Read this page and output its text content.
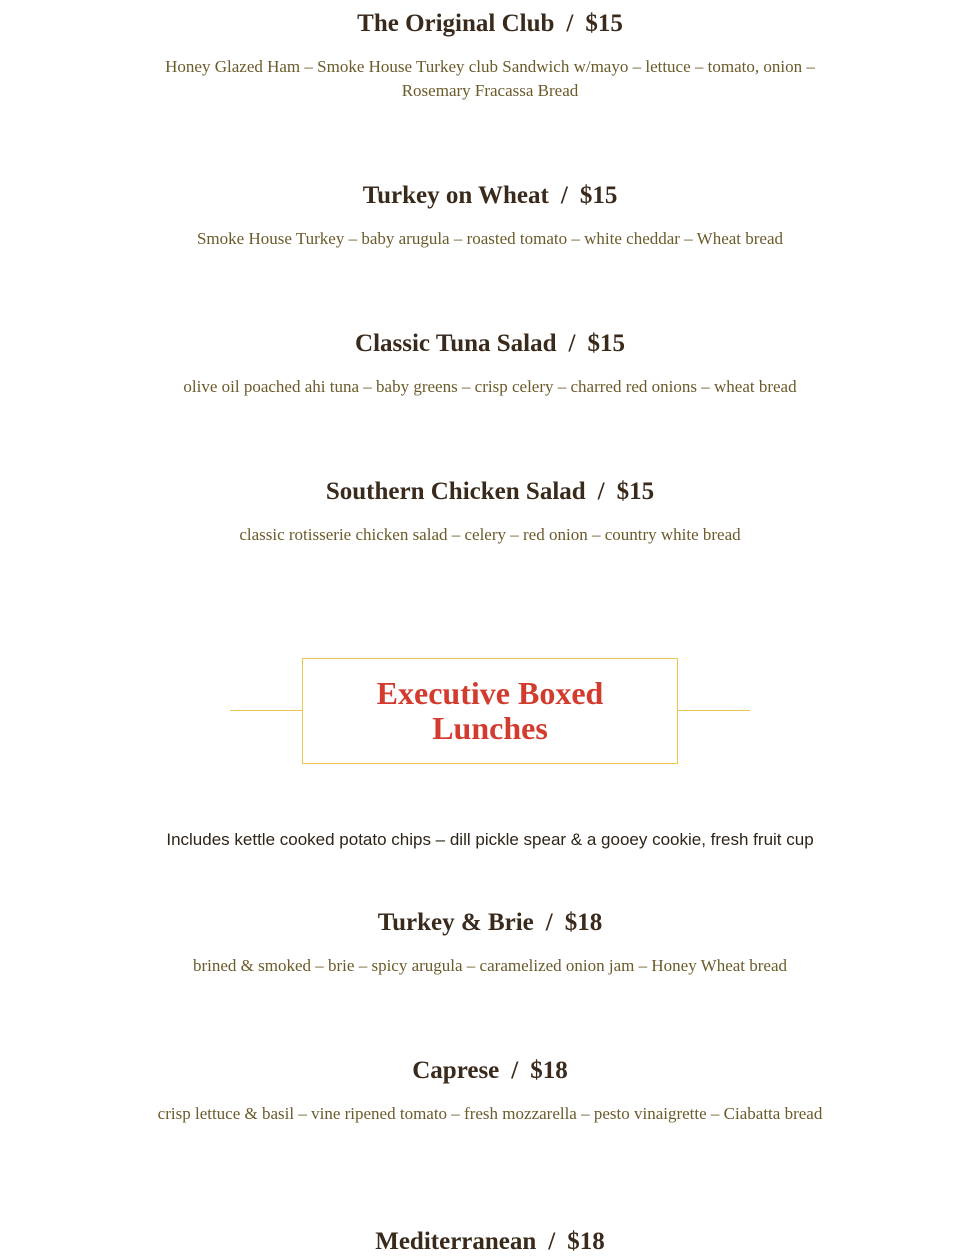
The Original Club / $15

Honey Glazed Ham – Smoke House Turkey club Sandwich w/mayo – lettuce – tomato, onion – Rosemary Fracassa Bread

Turkey on Wheat / $15

Smoke House Turkey – baby arugula – roasted tomato – white cheddar – Wheat bread

Classic Tuna Salad / $15

olive oil poached ahi tuna – baby greens – crisp celery – charred red onions – wheat bread

Southern Chicken Salad / $15

classic rotisserie chicken salad – celery – red onion – country white bread

Executive Boxed Lunches
Includes kettle cooked potato chips – dill pickle spear & a gooey cookie, fresh fruit cup
Turkey & Brie / $18

brined & smoked – brie – spicy arugula – caramelized onion jam – Honey Wheat bread

Caprese / $18

crisp lettuce & basil – vine ripened tomato – fresh mozzarella – pesto vinaigrette – Ciabatta bread

Mediterranean / $18
